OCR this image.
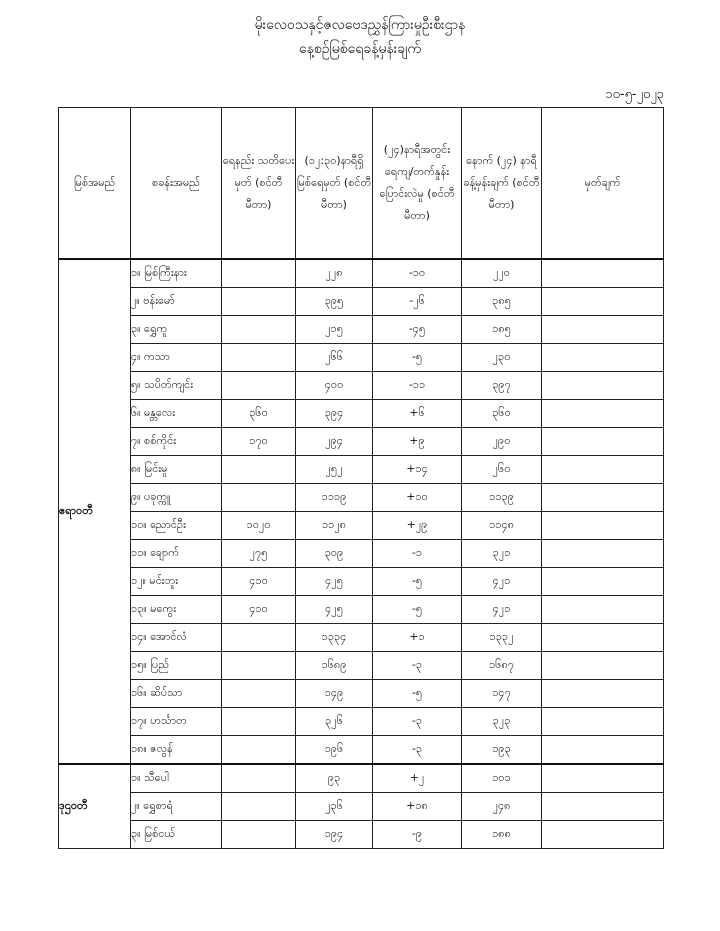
မိုးလေဝသနှင့်ဇလဗေဒညွှန်ကြားမှုဦးစီးဌာန
နေ့စဉ်မြစ်ရေခန့်မှန်းချက်
၁၀-၅-၂၀၂၃
မြစ်အမည်	စခန်းအမည်	ရေနည်း သတိပေးမှတ် (စင်တီမီတာ)	(၁၂:၃၀)နာရီရှိ မြစ်ရေမှတ် (စင်တီမီတာ)	(၂၄)နာရီအတွင်း ရေကျ/တက်နှုန်း ပြောင်းလဲမှု (စင်တီမီတာ)	နောက် (၂၄) နာရီ ခန့်မှန်းချက် (စင်တီမီတာ)	မှတ်ချက်
ဧရာဝတီ	၁။ မြစ်ကြီးနား		၂၂၈	-၁၀	၂၂၀	
	၂။ ဗန်းမော်		၃၉၅	-၂၆	၃၈၅	
	၃။ ရွှေကူ		၂၁၅	-၄၅	၁၈၅	
	၄။ ကသာ		၂၆၆	-၅	၂၃၀	
	၅။ သပိတ်ကျင်း		၄၀၀	-၁၁	၃၉၇	
	၆။ မန္တလေး	၃၆၀	၃၉၄	+၆	၃၆၀	
	၇။ စစ်ကိုင်း	၁၇၀	၂၉၄	+၉	၂၉၀	
	၈။ မြင်းမူ		၂၅၂	+၁၄	၂၆၀	
	၉။ ပခုက္ကူ		၁၁၁၉	+၁၀	၁၁၃၉	
	၁၀။ ညောင်ဦး	၁၀၂၀	၁၁၂၈	+၂၉	၁၁၄၈	
	၁၁။ ချောက်	၂၇၅	၃၀၉	-၁	၃၂၁	
	၁၂။ မင်းဘူး	၄၁၀	၄၂၅	-၅	၄၂၁	
	၁၃။ မကွေး	၄၁၀	၄၂၅	-၅	၄၂၁	
	၁၄။ အောင်လံ		၁၃၃၄	+၁	၁၃၃၂	
	၁၅။ ပြည်		၁၆၈၉	-၃	၁၆၈၇	
	၁၆။ ဆိပ်သာ		၁၄၉	-၅	၁၄၇	
	၁၇။ ဟင်္သာတ		၃၂၆	-၃	၃၂၃	
	၁၈။ ဇလွန်		၁၉၆	-၃	၁၉၃	
ဒုဌဝတီ	၁။ သီပေါ		၉၃	+၂	၁၀၁	
	၂။ ရွှေစာရံ		၂၃၆	+၁၈	၂၄၈	
	၃။ မြစ်ငယ်		၁၉၄	-၉	၁၈၈	
